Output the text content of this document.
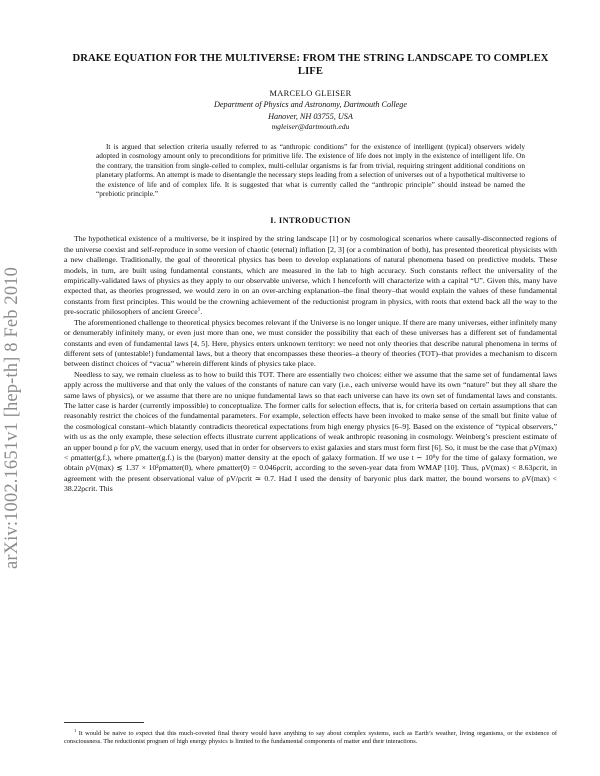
arXiv:1002.1651v1 [hep-th] 8 Feb 2010
DRAKE EQUATION FOR THE MULTIVERSE: FROM THE STRING LANDSCAPE TO COMPLEX LIFE
MARCELO GLEISER
Department of Physics and Astronomy, Dartmouth College
Hanover, NH 03755, USA
mgleiser@dartmouth.edu

It is argued that selection criteria usually referred to as “anthropic conditions” for the existence of intelligent (typical) observers widely adopted in cosmology amount only to preconditions for primitive life. The existence of life does not imply in the existence of intelligent life. On the contrary, the transition from single-celled to complex, multi-cellular organisms is far from trivial, requiring stringent additional conditions on planetary platforms. An attempt is made to disentangle the necessary steps leading from a selection of universes out of a hypothetical multiverse to the existence of life and of complex life. It is suggested that what is currently called the “anthropic principle” should instead be named the “prebiotic principle.”

I. INTRODUCTION

The hypothetical existence of a multiverse, be it inspired by the string landscape [1] or by cosmological scenarios where causally-disconnected regions of the universe coexist and self-reproduce in some version of chaotic (eternal) inflation [2, 3] (or a combination of both), has presented theoretical physicists with a new challenge. Traditionally, the goal of theoretical physics has been to develop explanations of natural phenomena based on predictive models. These models, in turn, are built using fundamental constants, which are measured in the lab to high accuracy. Such constants reflect the universality of the empirically-validated laws of physics as they apply to our observable universe, which I henceforth will characterize with a capital “U”. Given this, many have expected that, as theories progressed, we would zero in on an over-arching explanation–the final theory–that would explain the values of these fundamental constants from first principles. This would be the crowning achievement of the reductionist program in physics, with roots that extend back all the way to the pre-socratic philosophers of ancient Greece$^1$.

The aforementioned challenge to theoretical physics becomes relevant if the Universe is no longer unique. If there are many universes, either infinitely many or denumerably infinitely many, or even just more than one, we must consider the possibility that each of these universes has a different set of fundamental constants and even of fundamental laws [4, 5]. Here, physics enters unknown territory: we need not only theories that describe natural phenomena in terms of different sets of (untestable!) fundamental laws, but a theory that encompasses these theories–a theory of theories (TOT)–that provides a mechanism to discern between distinct choices of “vacua” wherein different kinds of physics take place.

Needless to say, we remain clueless as to how to build this TOT. There are essentially two choices: either we assume that the same set of fundamental laws apply across the multiverse and that only the values of the constants of nature can vary (i.e., each universe would have its own “nature” but they all share the same laws of physics), or we assume that there are no unique fundamental laws so that each universe can have its own set of fundamental laws and constants. The latter case is harder (currently impossible) to conceptualize. The former calls for selection effects, that is, for criteria based on certain assumptions that can reasonably restrict the choices of the fundamental parameters. For example, selection effects have been invoked to make sense of the small but finite value of the cosmological constant–which blatantly contradicts theoretical expectations from high energy physics [6–9]. Based on the existence of “typical observers,” with us as the only example, these selection effects illustrate current applications of weak anthropic reasoning in cosmology. Weinberg’s prescient estimate of an upper bound ρ for ρV, the vacuum energy, used that in order for observers to exist galaxies and stars must form first [6]. So, it must be the case that ρV(max) < ρmatter(g.f.), where ρmatter(g.f.) is the (baryon) matter density at the epoch of galaxy formation. If we use t ∼ 10⁹y for the time of galaxy formation, we obtain ρV(max) ≲ 1.37 × 10²ρmatter(0), where ρmatter(0) = 0.046ρcrit, according to the seven-year data from WMAP [10]. Thus, ρV(max) < 8.63ρcrit, in agreement with the present observational value of ρV/ρcrit ≃ 0.7. Had I used the density of baryonic plus dark matter, the bound worsens to ρV(max) < 38.22ρcrit. This

$^1$ It would be naive to expect that this much-coveted final theory would have anything to say about complex systems, such as Earth’s weather, living organisms, or the existence of consciousness. The reductionist program of high energy physics is limited to the fundamental components of matter and their interactions.
